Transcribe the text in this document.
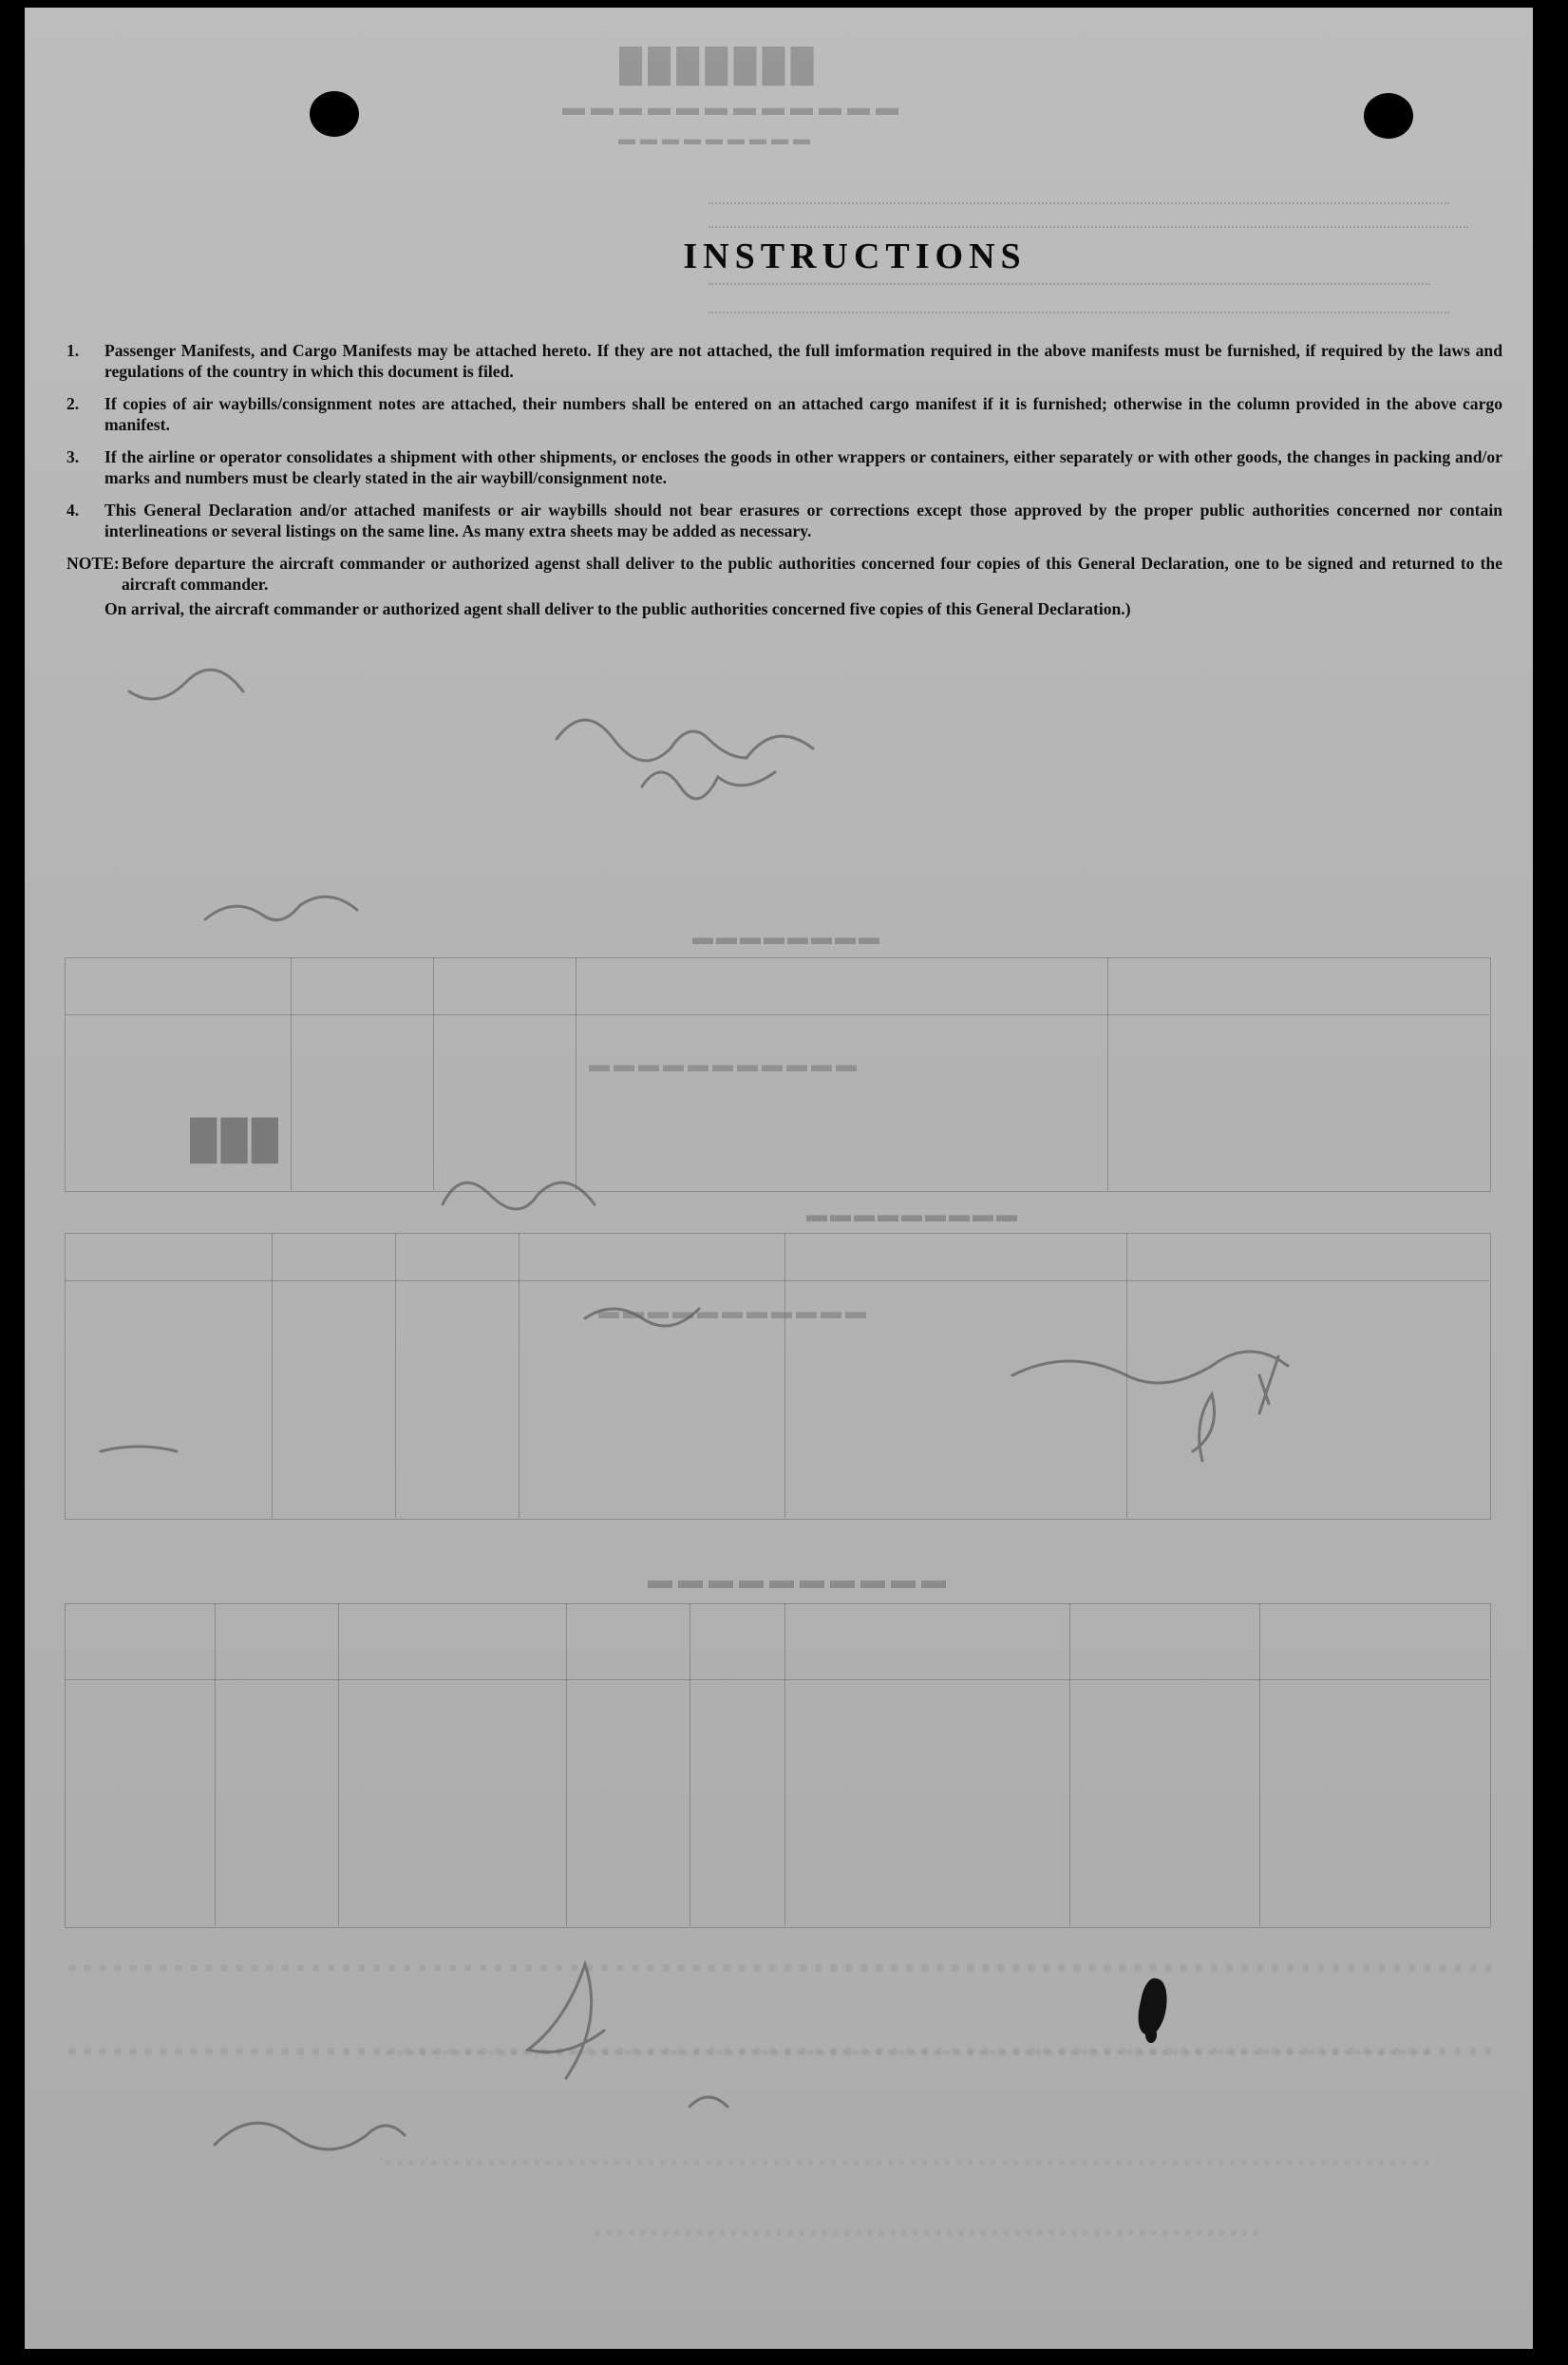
███████
▬▬▬▬▬▬▬▬▬▬▬▬
▬▬▬▬▬▬▬▬▬
INSTRUCTIONS
1.	Passenger Manifests, and Cargo Manifests may be attached hereto. If they are not attached, the full imformation required in the above manifests must be furnished, if required by the laws and regulations of the country in which this document is filed.
2.	If copies of air waybills/consignment notes are attached, their numbers shall be entered on an attached cargo manifest if it is furnished; otherwise in the column provided in the above cargo manifest.
3.	If the airline or operator consolidates a shipment with other shipments, or encloses the goods in other wrappers or containers, either separately or with other goods, the changes in packing and/or marks and numbers must be clearly stated in the air waybill/consignment note.
4.	This General Declaration and/or attached manifests or air waybills should not bear erasures or corrections except those approved by the proper public authorities concerned nor contain interlineations or several listings on the same line. As many extra sheets may be added as necessary.
NOTE: Before departure the aircraft commander or authorized agenst shall deliver to the public authorities concerned four copies of this General Declaration, one to be signed and returned to the aircraft commander.
On arrival, the aircraft commander or authorized agent shall deliver to the public authorities concerned five copies of this General Declaration.)
▬▬▬▬▬▬▬▬
▬▬▬▬▬▬▬▬▬▬▬
███
▬▬▬▬▬▬▬▬▬
▬▬▬▬▬▬▬▬▬▬▬
▬▬▬▬▬▬▬▬▬▬
